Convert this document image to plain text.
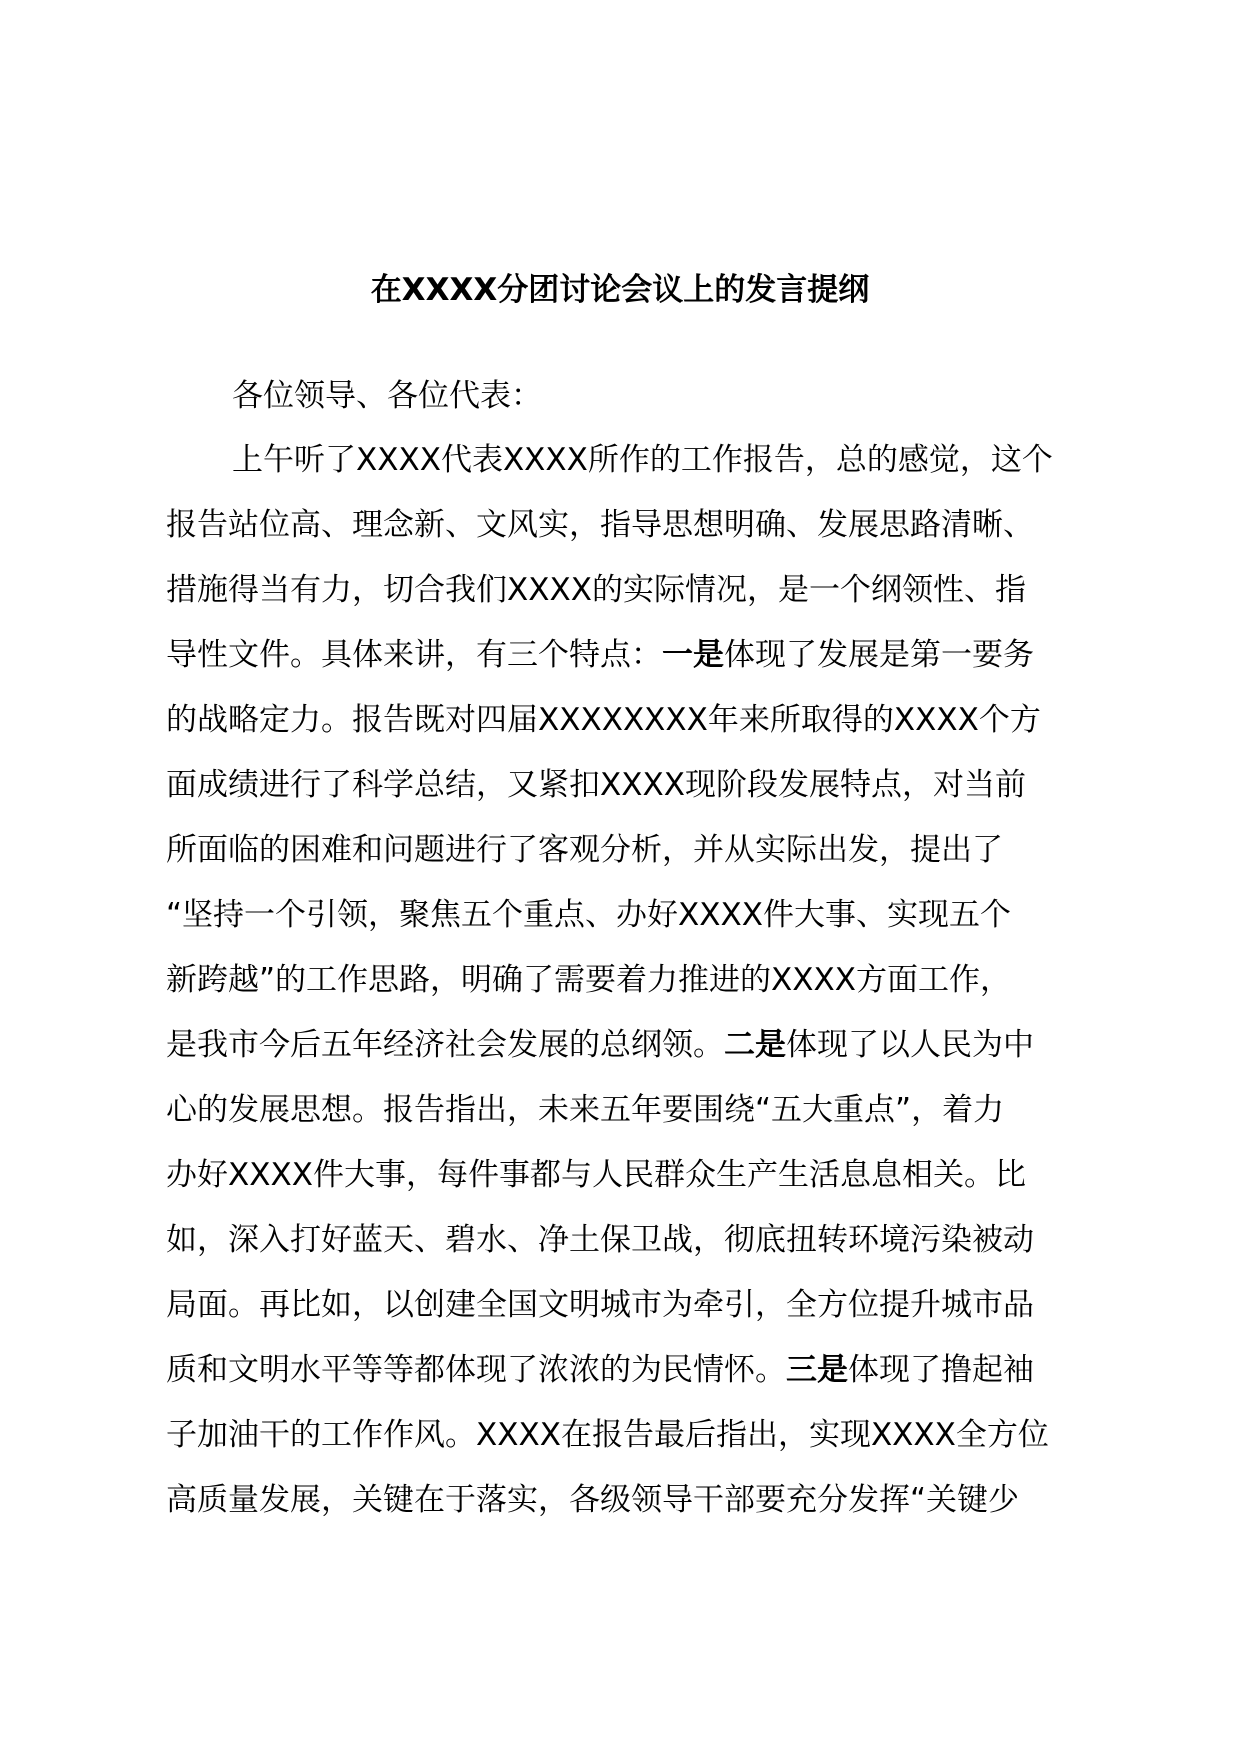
在XXXX分团讨论会议上的发言提纲

各位领导、各位代表：

上午听了XXXX代表XXXX所作的工作报告，总的感觉，这个
报告站位高、理念新、文风实，指导思想明确、发展思路清晰、
措施得当有力，切合我们XXXX的实际情况，是一个纲领性、指
导性文件。具体来讲，有三个特点：一是体现了发展是第一要务
的战略定力。报告既对四届XXXXXXXX年来所取得的XXXX个方
面成绩进行了科学总结，又紧扣XXXX现阶段发展特点，对当前
所面临的困难和问题进行了客观分析，并从实际出发，提出了
“坚持一个引领，聚焦五个重点、办好XXXX件大事、实现五个
新跨越”的工作思路，明确了需要着力推进的XXXX方面工作，
是我市今后五年经济社会发展的总纲领。二是体现了以人民为中
心的发展思想。报告指出，未来五年要围绕“五大重点”，着力
办好XXXX件大事，每件事都与人民群众生产生活息息相关。比
如，深入打好蓝天、碧水、净土保卫战，彻底扭转环境污染被动
局面。再比如，以创建全国文明城市为牵引，全方位提升城市品
质和文明水平等等都体现了浓浓的为民情怀。三是体现了撸起袖
子加油干的工作作风。XXXX在报告最后指出，实现XXXX全方位
高质量发展，关键在于落实，各级领导干部要充分发挥“关键少
